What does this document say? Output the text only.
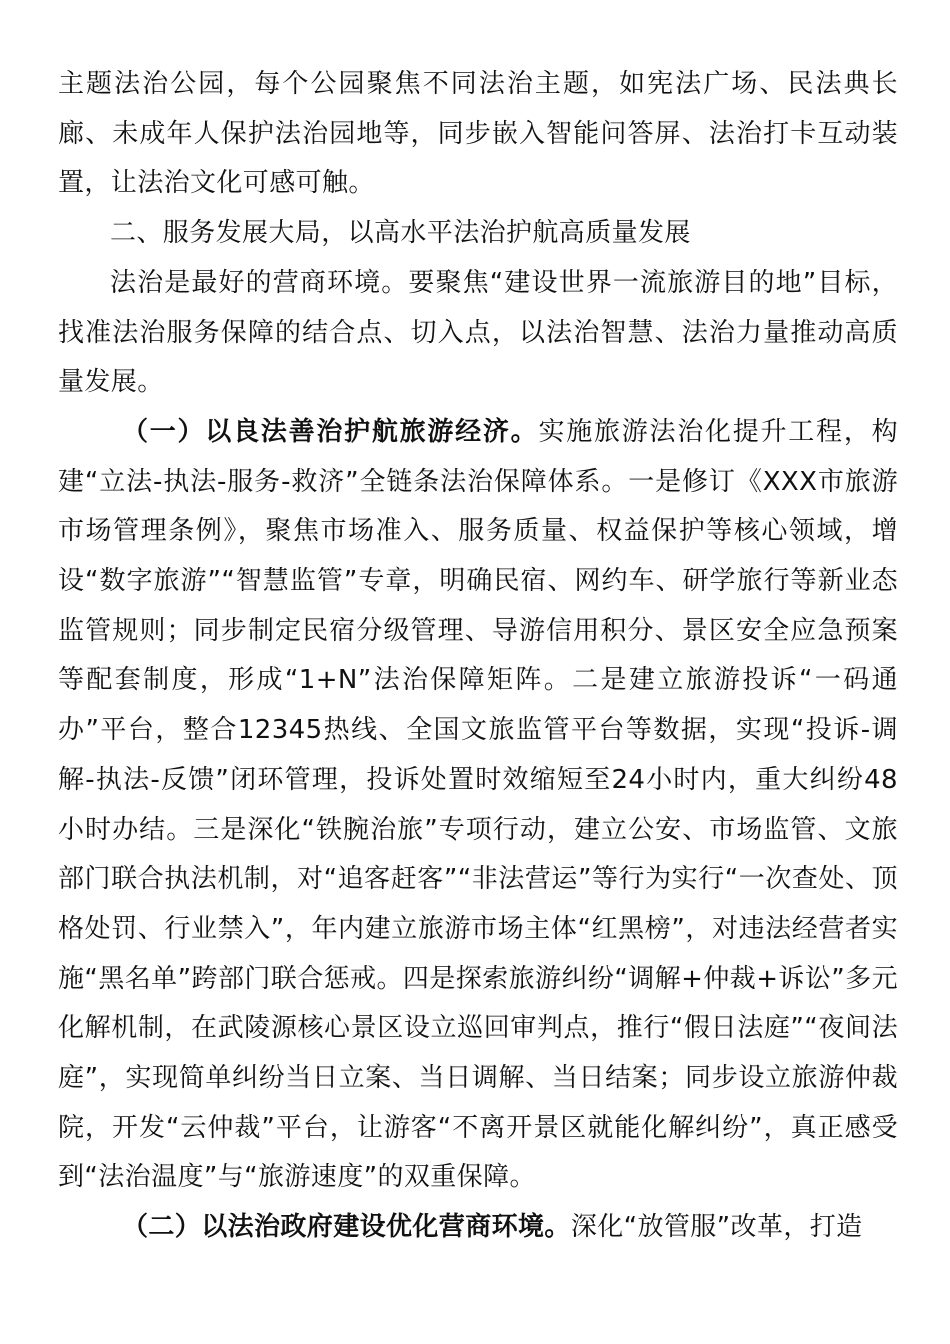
主题法治公园，每个公园聚焦不同法治主题，如宪法广场、民法典长廊、未成年人保护法治园地等，同步嵌入智能问答屏、法治打卡互动装置，让法治文化可感可触。

二、服务发展大局，以高水平法治护航高质量发展

法治是最好的营商环境。要聚焦“建设世界一流旅游目的地”目标，找准法治服务保障的结合点、切入点，以法治智慧、法治力量推动高质量发展。

（一）以良法善治护航旅游经济。实施旅游法治化提升工程，构建“立法-执法-服务-救济”全链条法治保障体系。一是修订《XXX市旅游市场管理条例》，聚焦市场准入、服务质量、权益保护等核心领域，增设“数字旅游”“智慧监管”专章，明确民宿、网约车、研学旅行等新业态监管规则；同步制定民宿分级管理、导游信用积分、景区安全应急预案等配套制度，形成“1+N”法治保障矩阵。二是建立旅游投诉“一码通办”平台，整合12345热线、全国文旅监管平台等数据，实现“投诉-调解-执法-反馈”闭环管理，投诉处置时效缩短至24小时内，重大纠纷48小时办结。三是深化“铁腕治旅”专项行动，建立公安、市场监管、文旅部门联合执法机制，对“追客赶客”“非法营运”等行为实行“一次查处、顶格处罚、行业禁入”，年内建立旅游市场主体“红黑榜”，对违法经营者实施“黑名单”跨部门联合惩戒。四是探索旅游纠纷“调解+仲裁+诉讼”多元化解机制，在武陵源核心景区设立巡回审判点，推行“假日法庭”“夜间法庭”，实现简单纠纷当日立案、当日调解、当日结案；同步设立旅游仲裁院，开发“云仲裁”平台，让游客“不离开景区就能化解纠纷”，真正感受到“法治温度”与“旅游速度”的双重保障。

（二）以法治政府建设优化营商环境。深化“放管服”改革，打造
